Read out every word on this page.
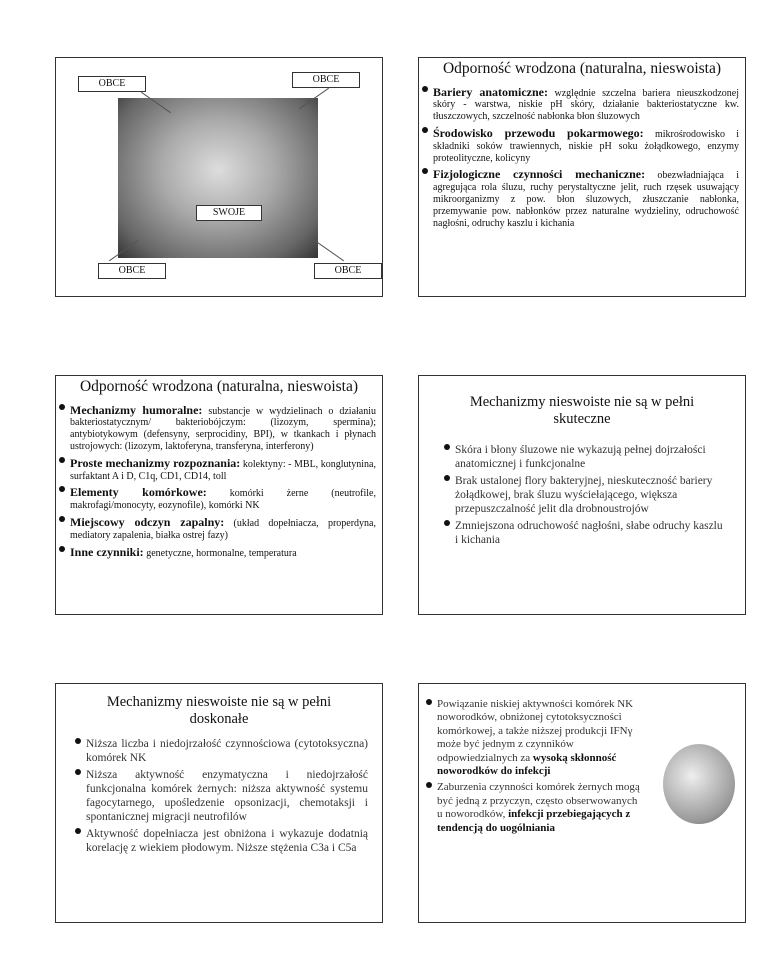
OBCE	OBCE
OBCE	OBCE
SWOJE
Odporność wrodzona (naturalna, nieswoista)
Bariery anatomiczne: względnie szczelna bariera nieuszkodzonej skóry - warstwa, niskie pH skóry, działanie bakteriostatyczne kw. tłuszczowych, szczelność nabłonka błon śluzowych
Środowisko przewodu pokarmowego: mikrośrodowisko i składniki soków trawiennych, niskie pH soku żołądkowego, enzymy proteolityczne, kolicyny
Fizjologiczne czynności mechaniczne: obezwładniająca i agregująca rola śluzu, ruchy perystaltyczne jelit, ruch rzęsek usuwający mikroorganizmy z pow. błon śluzowych, złuszczanie nabłonka, przemywanie pow. nabłonków przez naturalne wydzieliny, odruchowość nagłośni, odruchy kaszlu i kichania
Odporność wrodzona (naturalna, nieswoista)
Mechanizmy humoralne: substancje w wydzielinach o działaniu bakteriostatycznym/ bakteriobójczym: (lizozym, spermina); antybiotykowym (defensyny, serprocidiny, BPI), w tkankach i płynach ustrojowych: (lizozym, laktoferyna, transferyna, interferony)
Proste mechanizmy rozpoznania: kolektyny: - MBL, konglutynina, surfaktant A i D, C1q, CD1, CD14, toll
Elementy komórkowe: komórki żerne (neutrofile, makrofagi/monocyty, eozynofile), komórki NK
Miejscowy odczyn zapalny: (układ dopełniacza, properdyna, mediatory zapalenia, białka ostrej fazy)
Inne czynniki: genetyczne, hormonalne, temperatura
Mechanizmy nieswoiste nie są w pełni skuteczne
Skóra i błony śluzowe nie wykazują pełnej dojrzałości anatomicznej i funkcjonalne
Brak ustalonej flory bakteryjnej, nieskuteczność bariery żołądkowej, brak śluzu wyściełającego, większa przepuszczalność jelit dla drobnoustrojów
Zmniejszona odruchowość nagłośni, słabe odruchy kaszlu i kichania
Mechanizmy nieswoiste nie są w pełni doskonałe
Niższa liczba i niedojrzałość czynnościowa (cytotoksyczna) komórek NK
Niższa aktywność enzymatyczna i niedojrzałość funkcjonalna komórek żernych: niższa aktywność systemu fagocytarnego, upośledzenie opsonizacji, chemotaksji i spontanicznej migracji neutrofilów
Aktywność dopełniacza jest obniżona i wykazuje dodatnią korelację z wiekiem płodowym. Niższe stężenia C3a i C5a
Powiązanie niskiej aktywności komórek NK noworodków, obniżonej cytotoksyczności komórkowej, a także niższej produkcji IFNγ może być jednym z czynników odpowiedzialnych za wysoką skłonność noworodków do infekcji
Zaburzenia czynności komórek żernych mogą być jedną z przyczyn, często obserwowanych u noworodków, infekcji przebiegających z tendencją do uogólniania
